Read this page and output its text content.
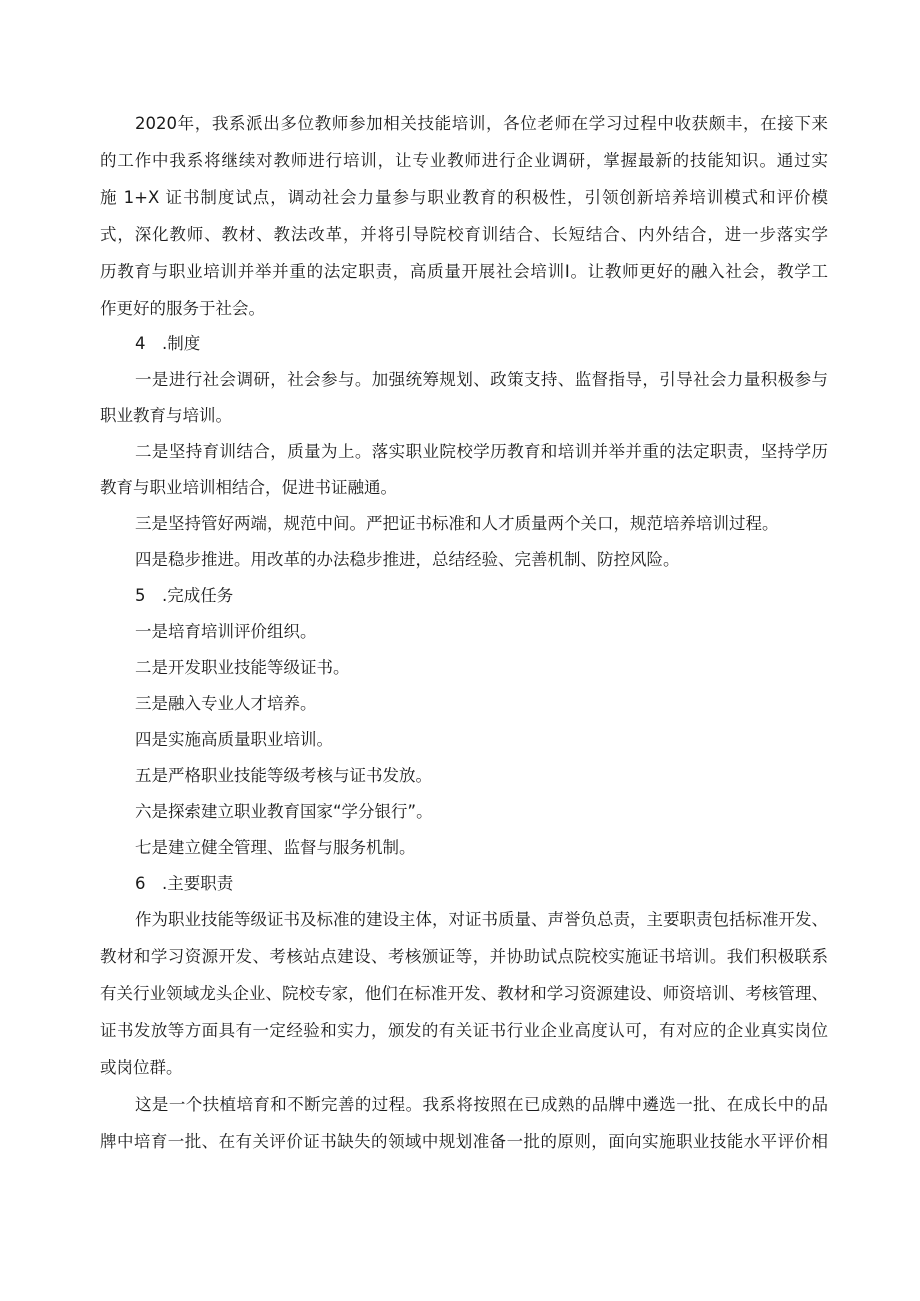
2020年，我系派出多位教师参加相关技能培训，各位老师在学习过程中收获颇丰，在接下来
的工作中我系将继续对教师进行培训，让专业教师进行企业调研，掌握最新的技能知识。通过实
施 1+X 证书制度试点，调动社会力量参与职业教育的积极性，引领创新培养培训模式和评价模
式，深化教师、教材、教法改革，并将引导院校育训结合、长短结合、内外结合，进一步落实学
历教育与职业培训并举并重的法定职责，高质量开展社会培训Ⅰ。让教师更好的融入社会，教学工
作更好的服务于社会。
4　.制度
一是进行社会调研，社会参与。加强统筹规划、政策支持、监督指导，引导社会力量积极参与
职业教育与培训。
二是坚持育训结合，质量为上。落实职业院校学历教育和培训并举并重的法定职责，坚持学历
教育与职业培训相结合，促进书证融通。
三是坚持管好两端，规范中间。严把证书标准和人才质量两个关口，规范培养培训过程。
四是稳步推进。用改革的办法稳步推进，总结经验、完善机制、防控风险。
5　.完成任务
一是培育培训评价组织。
二是开发职业技能等级证书。
三是融入专业人才培养。
四是实施高质量职业培训。
五是严格职业技能等级考核与证书发放。
六是探索建立职业教育国家“学分银行”。
七是建立健全管理、监督与服务机制。
6　.主要职责
作为职业技能等级证书及标准的建设主体，对证书质量、声誉负总责，主要职责包括标准开发、
教材和学习资源开发、考核站点建设、考核颁证等，并协助试点院校实施证书培训。我们积极联系
有关行业领域龙头企业、院校专家，他们在标准开发、教材和学习资源建设、师资培训、考核管理、
证书发放等方面具有一定经验和实力，颁发的有关证书行业企业高度认可，有对应的企业真实岗位
或岗位群。
这是一个扶植培育和不断完善的过程。我系将按照在已成熟的品牌中遴选一批、在成长中的品
牌中培育一批、在有关评价证书缺失的领域中规划准备一批的原则，面向实施职业技能水平评价相
